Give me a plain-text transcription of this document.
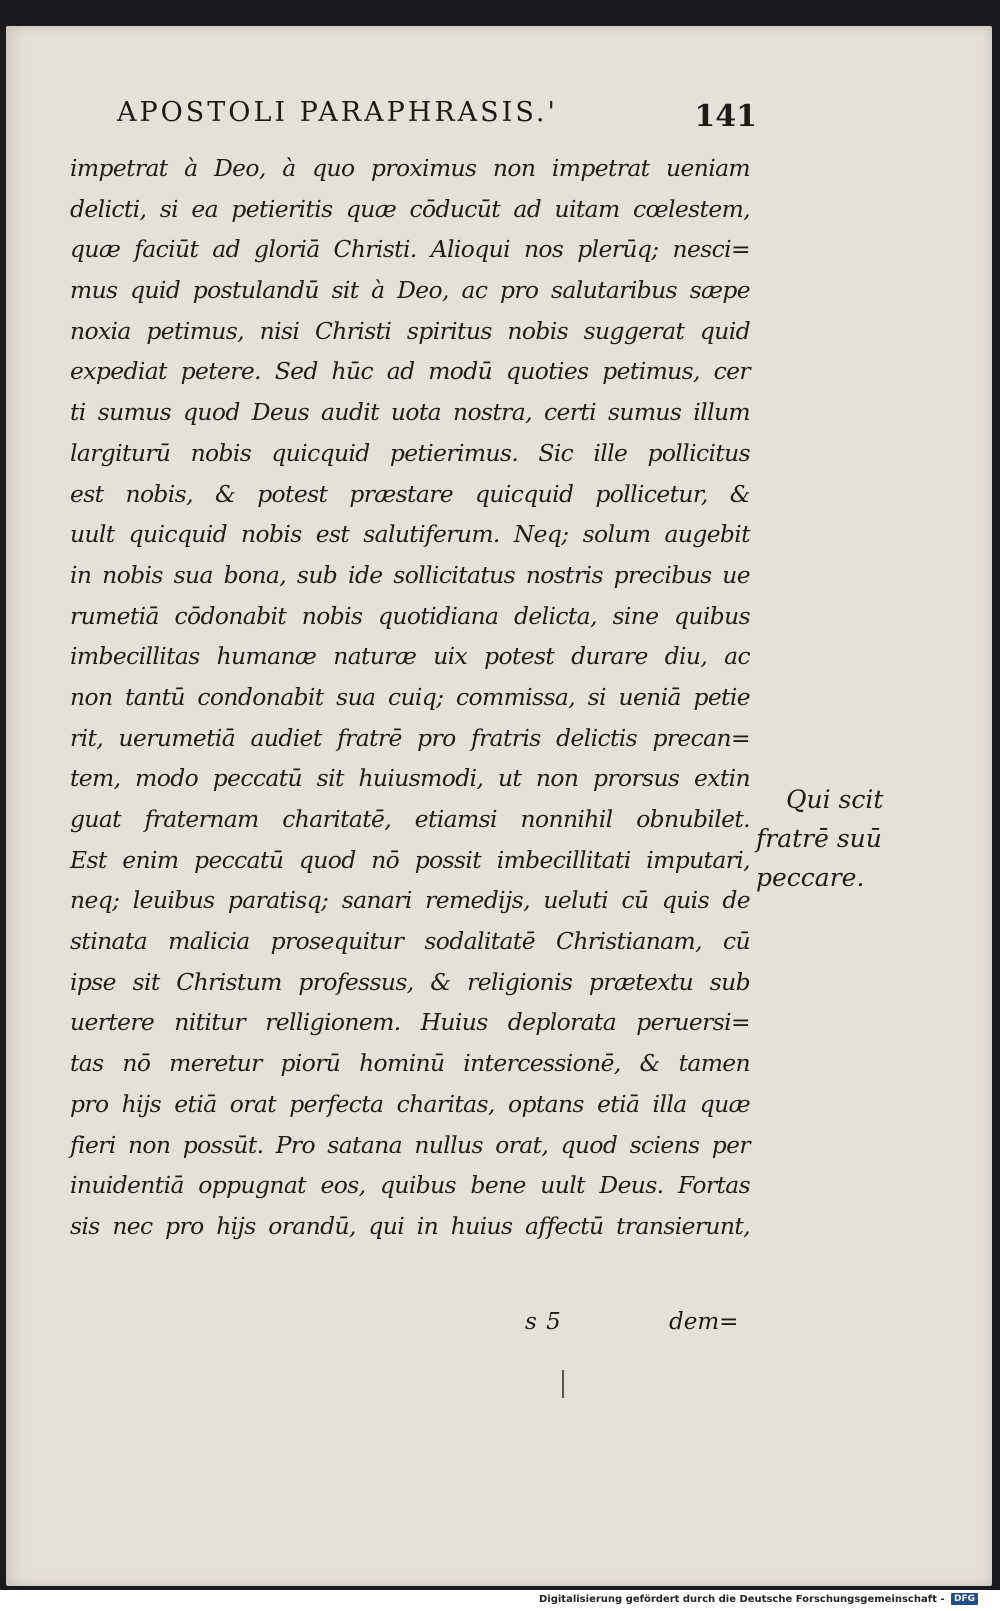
APOSTOLI PARAPHRASIS.'	141
impetrat à Deo, à quo proximus non impetrat ueniam
delicti, si ea petieritis quæ cōducūt ad uitam cœlestem,
quæ faciūt ad gloriā Christi. Alioqui nos plerūq; nesci=
mus quid postulandū sit à Deo, ac pro salutaribus sæpe
noxia petimus, nisi Christi spiritus nobis suggerat quid
expediat petere. Sed hūc ad modū quoties petimus, cer
ti sumus quod Deus audit uota nostra, certi sumus illum
largiturū nobis quicquid petierimus. Sic ille pollicitus
est nobis, & potest præstare quicquid pollicetur, &
uult quicquid nobis est salutiferum. Neq; solum augebit
in nobis sua bona, sub ide sollicitatus nostris precibus ue
rumetiā cōdonabit nobis quotidiana delicta, sine quibus
imbecillitas humanæ naturæ uix potest durare diu, ac
non tantū condonabit sua cuiq; commissa, si ueniā petie
rit, uerumetiā audiet fratrē pro fratris delictis precan=
tem, modo peccatū sit huiusmodi, ut non prorsus extin
guat fraternam charitatē, etiamsi nonnihil obnubilet.
Est enim peccatū quod nō possit imbecillitati imputari,
neq; leuibus paratisq; sanari remedijs, ueluti cū quis de
stinata malicia prosequitur sodalitatē Christianam, cū
ipse sit Christum professus, & religionis prætextu sub
uertere nititur relligionem. Huius deplorata peruersi=
tas nō meretur piorū hominū intercessionē, & tamen
pro hijs etiā orat perfecta charitas, optans etiā illa quæ
fieri non possūt. Pro satana nullus orat, quod sciens per
inuidentiā oppugnat eos, quibus bene uult Deus. Fortas
sis nec pro hijs orandū, qui in huius affectū transierunt,
Qui scit
fratrē suū
peccare.
s 5	dem=
Digitalisierung gefördert durch die Deutsche Forschungsgemeinschaft - DFG
